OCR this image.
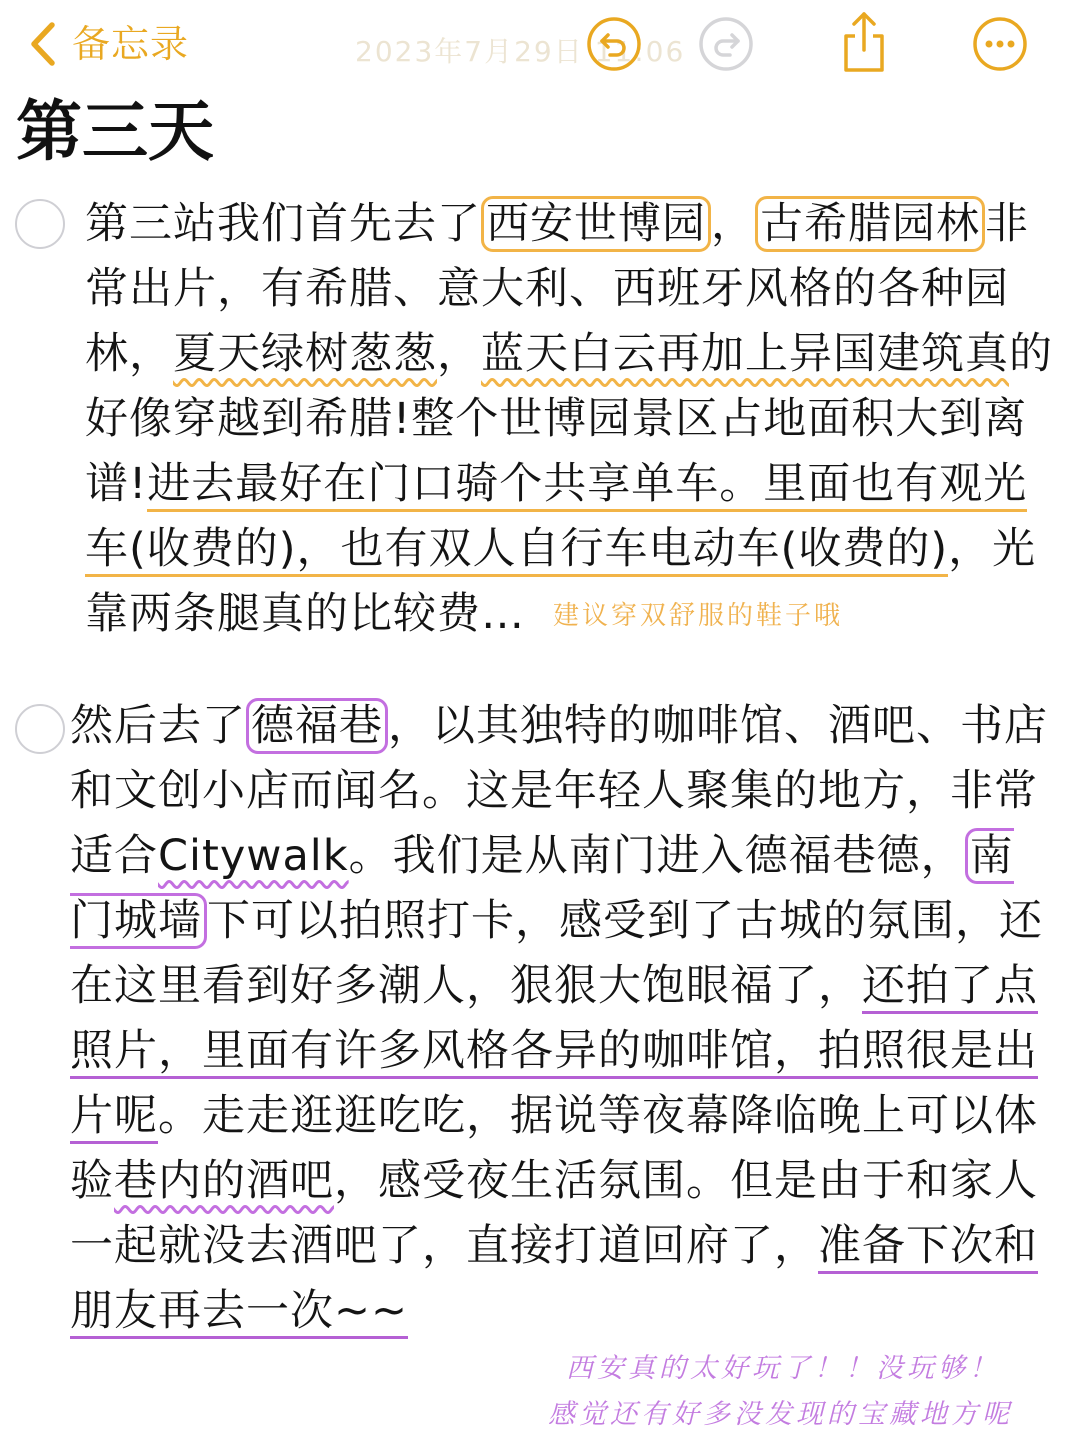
备忘录	2023年7月29日 11:06
第三天

第三站我们首先去了 西安世博园 ， 古希腊园林 非常出片，有希腊、意大利、西班牙风格的各种园林，夏天绿树葱葱，蓝天白云再加上异国建筑真的好像穿越到希腊!整个世博园景区占地面积大到离谱!进去最好在门口骑个共享单车。里面也有观光车(收费的)，也有双人自行车电动车(收费的)，光靠两条腿真的比较费… 建议穿双舒服的鞋子哦

然后去了 德福巷 ，以其独特的咖啡馆、酒吧、书店和文创小店而闻名。这是年轻人聚集的地方，非常适合Citywalk。我们是从南门进入德福巷德， 南门城墙 下可以拍照打卡，感受到了古城的氛围，还在这里看到好多潮人，狠狠大饱眼福了，还拍了点照片，里面有许多风格各异的咖啡馆，拍照很是出片呢。走走逛逛吃吃，据说等夜幕降临晚上可以体验巷内的酒吧，感受夜生活氛围。但是由于和家人一起就没去酒吧了，直接打道回府了，准备下次和朋友再去一次~~

西安真的太好玩了！！没玩够！
感觉还有好多没发现的宝藏地方呢
